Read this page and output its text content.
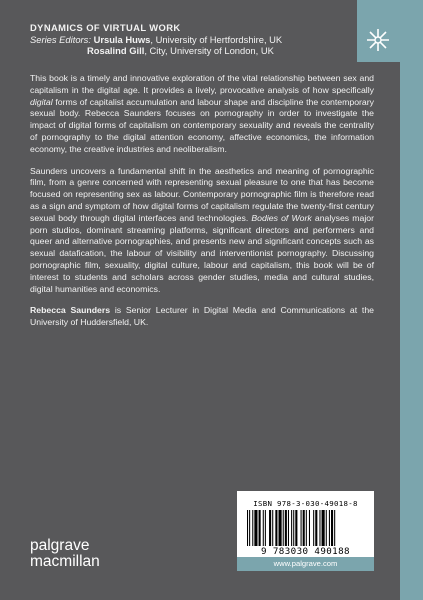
DYNAMICS OF VIRTUAL WORK
Series Editors: Ursula Huws, University of Hertfordshire, UK
Rosalind Gill, City, University of London, UK

This book is a timely and innovative exploration of the vital relationship between sex and capitalism in the digital age. It provides a lively, provocative analysis of how specifically digital forms of capitalist accumulation and labour shape and discipline the contemporary sexual body. Rebecca Saunders focuses on pornography in order to investigate the impact of digital forms of capitalism on contemporary sexuality and reveals the centrality of pornography to the digital attention economy, affective economics, the information economy, the creative industries and neoliberalism.

Saunders uncovers a fundamental shift in the aesthetics and meaning of pornographic film, from a genre concerned with representing sexual pleasure to one that has become focused on representing sex as labour. Contemporary pornographic film is therefore read as a sign and symptom of how digital forms of capitalism regulate the twenty-first century sexual body through digital interfaces and technologies. Bodies of Work analyses major porn studios, dominant streaming platforms, significant directors and performers and queer and alternative pornographies, and presents new and significant concepts such as sexual datafication, the labour of visibility and interventionist pornography. Discussing pornographic film, sexuality, digital culture, labour and capitalism, this book will be of interest to students and scholars across gender studies, media and cultural studies, digital humanities and economics.

Rebecca Saunders is Senior Lecturer in Digital Media and Communications at the University of Huddersfield, UK.

ISBN 978-3-030-49018-8
9 783030 490188
www.palgrave.com
palgrave
macmillan
